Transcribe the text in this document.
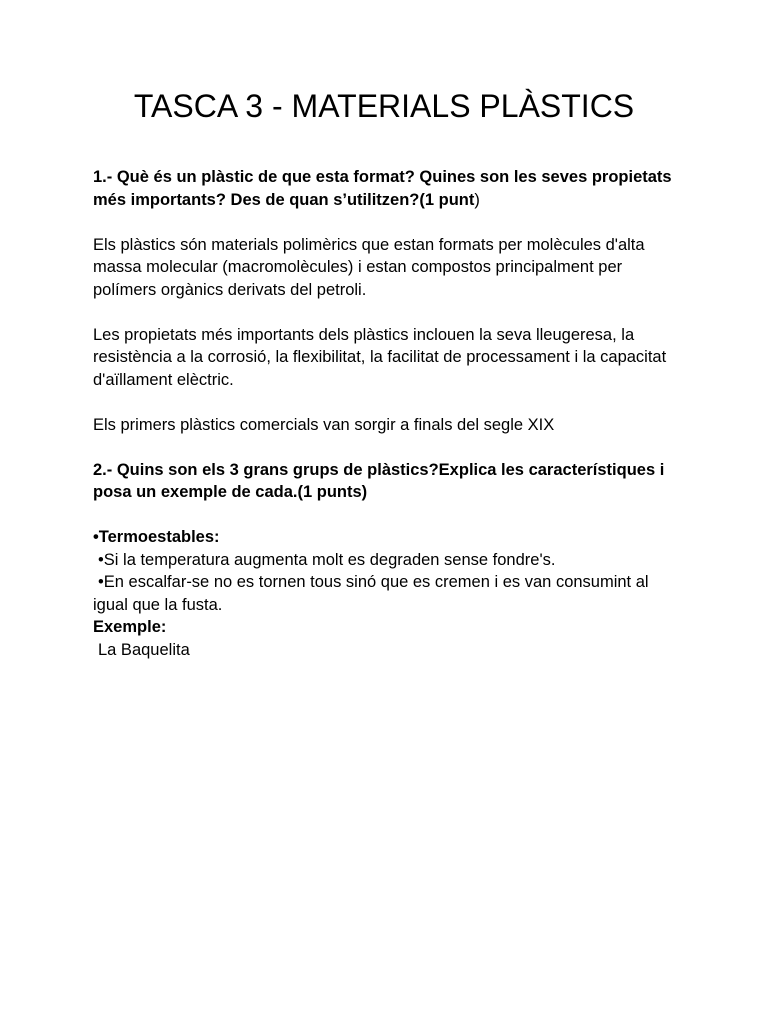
TASCA 3 - MATERIALS PLÀSTICS

1.- Què és un plàstic de que esta format? Quines son les seves propietats més importants? Des de quan s’utilitzen?(1 punt)

Els plàstics són materials polimèrics que estan formats per molècules d'alta massa molecular (macromolècules) i estan compostos principalment per polímers orgànics derivats del petroli.

Les propietats més importants dels plàstics inclouen la seva lleugeresa, la resistència a la corrosió, la flexibilitat, la facilitat de processament i la capacitat d'aïllament elèctric.

Els primers plàstics comercials van sorgir a finals del segle XIX

2.- Quins son els 3 grans grups de plàstics?Explica les característiques i posa un exemple de cada.(1 punts)

•Termoestables:

•Si la temperatura augmenta molt es degraden sense fondre's.

•En escalfar-se no es tornen tous sinó que es cremen i es van consumint al igual que la fusta.

Exemple:

La Baquelita
